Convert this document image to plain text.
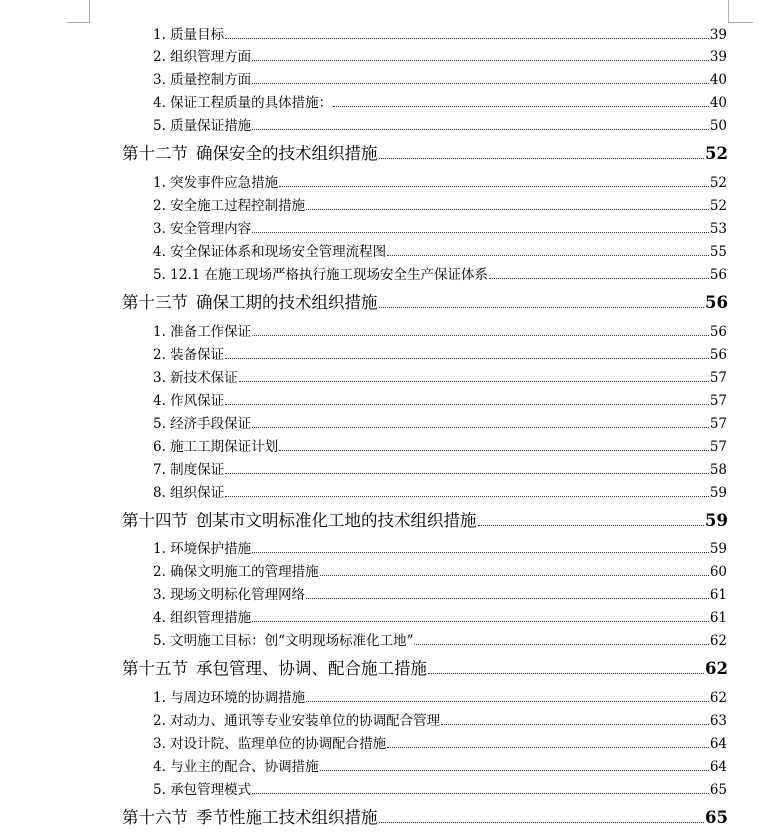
1. 质量目标	39
2. 组织管理方面	39
3. 质量控制方面	40
4. 保证工程质量的具体措施：	40
5. 质量保证措施	50
第十二节 确保安全的技术组织措施	52
1. 突发事件应急措施	52
2. 安全施工过程控制措施	52
3. 安全管理内容	53
4. 安全保证体系和现场安全管理流程图	55
5. 12.1 在施工现场严格执行施工现场安全生产保证体系	56
第十三节 确保工期的技术组织措施	56
1. 准备工作保证	56
2. 装备保证	56
3. 新技术保证	57
4. 作风保证	57
5. 经济手段保证	57
6. 施工工期保证计划	57
7. 制度保证	58
8. 组织保证	59
第十四节 创某市文明标准化工地的技术组织措施	59
1. 环境保护措施	59
2. 确保文明施工的管理措施	60
3. 现场文明标化管理网络	61
4. 组织管理措施	61
5. 文明施工目标：创“文明现场标准化工地”	62
第十五节 承包管理、协调、配合施工措施	62
1. 与周边环境的协调措施	62
2. 对动力、通讯等专业安装单位的协调配合管理	63
3. 对设计院、监理单位的协调配合措施	64
4. 与业主的配合、协调措施	64
5. 承包管理模式	65
第十六节 季节性施工技术组织措施	65
